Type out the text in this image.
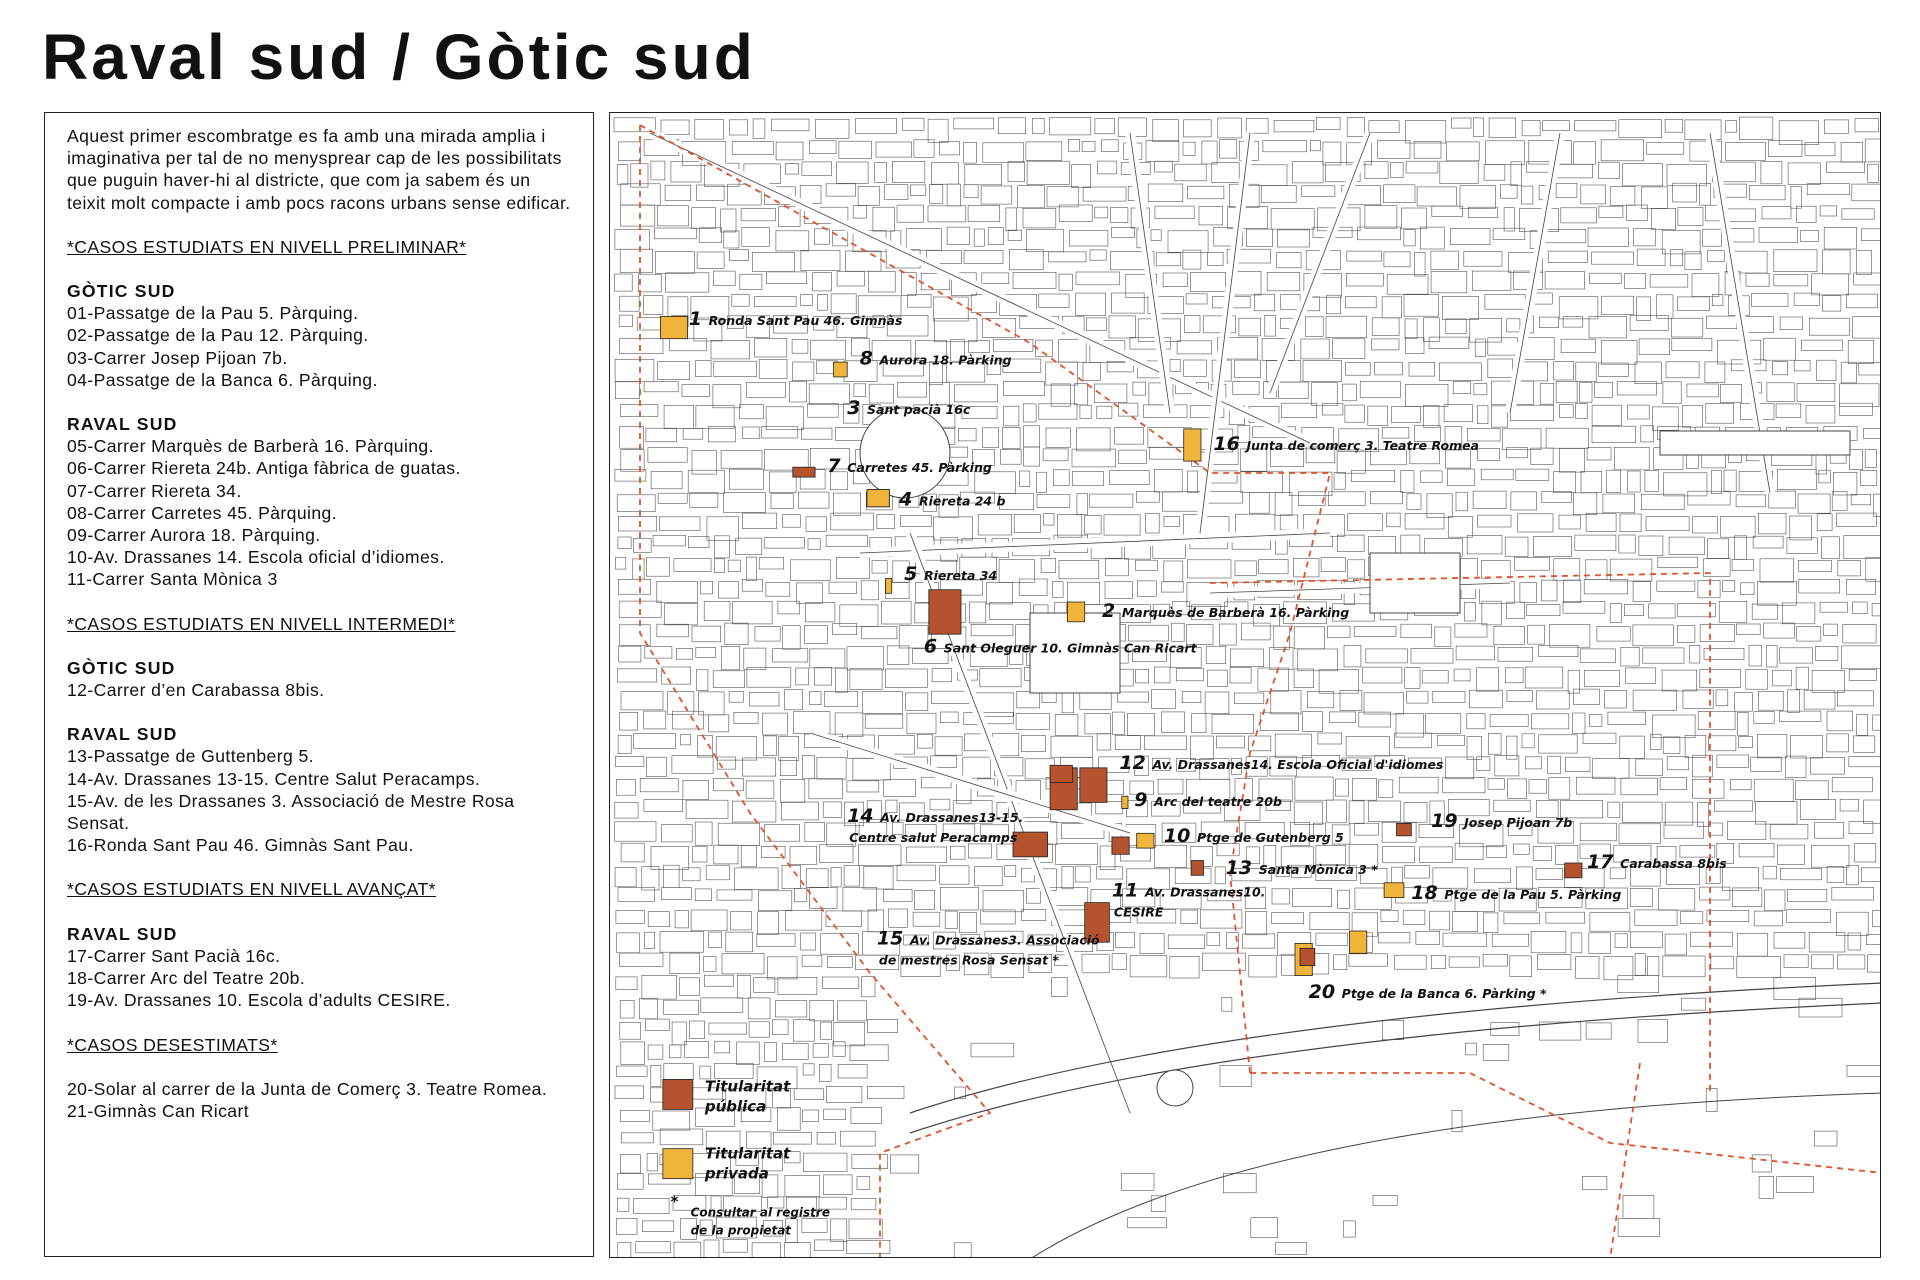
Raval sud / Gòtic sud

Aquest primer escombratge es fa amb una mirada amplia i imaginativa per tal de no menysprear cap de les possibilitats que puguin haver-hi al districte, que com ja sabem és un teixit molt compacte i amb pocs racons urbans sense edificar.

*CASOS ESTUDIATS EN NIVELL PRELIMINAR*

GÒTIC SUD
01-Passatge de la Pau 5. Pàrquing.
02-Passatge de la Pau 12. Pàrquing.
03-Carrer Josep Pijoan 7b.
04-Passatge de la Banca 6. Pàrquing.
RAVAL SUD
05-Carrer Marquès de Barberà 16. Pàrquing.
06-Carrer Riereta 24b. Antiga fàbrica de guatas.
07-Carrer Riereta 34.
08-Carrer Carretes 45. Pàrquing.
09-Carrer Aurora 18. Pàrquing.
10-Av. Drassanes 14. Escola oficial d’idiomes.
11-Carrer Santa Mònica 3

*CASOS ESTUDIATS EN NIVELL INTERMEDI*

GÒTIC SUD
12-Carrer d’en Carabassa 8bis.
RAVAL SUD
13-Passatge de Guttenberg 5.
14-Av. Drassanes 13-15. Centre Salut Peracamps.
15-Av. de les Drassanes 3. Associació de Mestre Rosa Sensat.
16-Ronda Sant Pau 46. Gimnàs Sant Pau.

*CASOS ESTUDIATS EN NIVELL AVANÇAT*

RAVAL SUD
17-Carrer Sant Pacià 16c.
18-Carrer Arc del Teatre 20b.
19-Av. Drassanes 10. Escola d’adults CESIRE.

*CASOS DESESTIMATS*

20-Solar al carrer de la Junta de Comerç 3. Teatre Romea.
21-Gimnàs Can Ricart
1 Ronda Sant Pau 46. Gimnàs
2 Marquès de Barberà 16. Pàrking
3 Sant pacià 16c
4 Riereta 24 b
5 Riereta 34
6 Sant Oleguer 10. Gimnàs Can Ricart
7 Carretes 45. Pàrking
8 Aurora 18. Pàrking
9 Arc del teatre 20b
10 Ptge de Gutenberg 5
11 Av. Drassanes10.
CESIRE
12 Av. Drassanes14. Escola Oficial d'idiomes
13 Santa Mònica 3 *
14 Av. Drassanes13-15.
Centre salut Peracamps
15 Av. Drassanes3. Associació
de mestres Rosa Sensat *
16 Junta de comerç 3. Teatre Romea
17 Carabassa 8bis
18 Ptge de la Pau 5. Pàrking
19 Josep Pijoan 7b
20 Ptge de la Banca 6. Pàrking *
Titularitat
pública
Titularitat
privada
*
Consultar al registre
de la propietat
